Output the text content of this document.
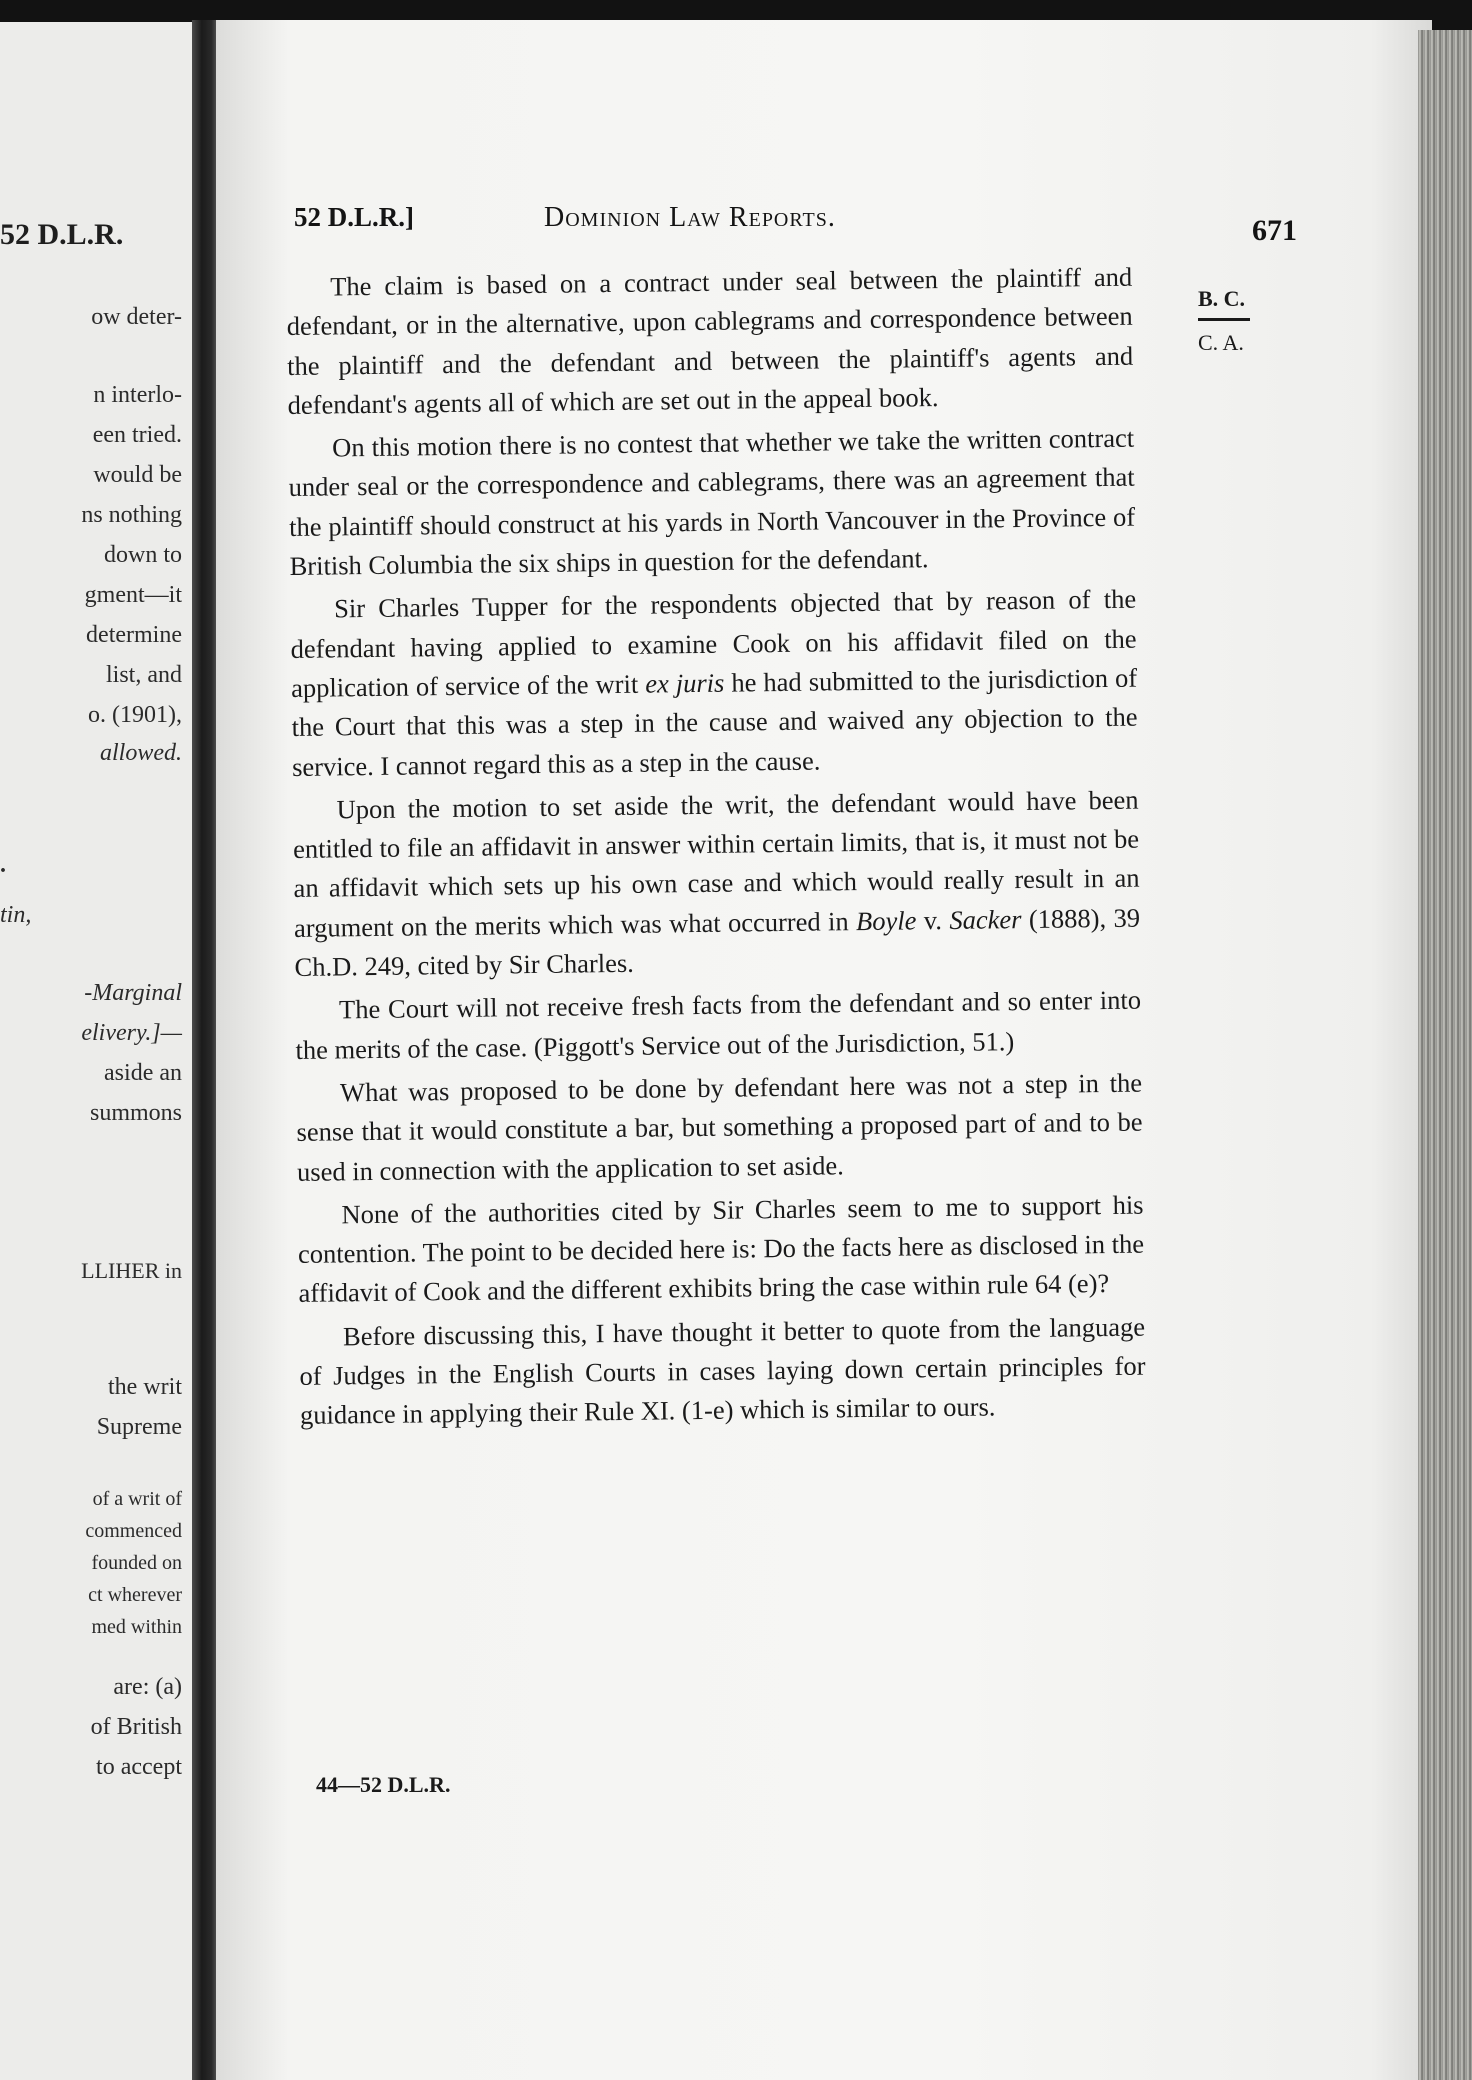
52 D.L.R.
ow deter-
n interlo-
een tried.
would be
ns nothing
down to
gment—it
determine
list, and
o. (1901),
allowed.
.
tin,
-Marginal
elivery.]—
aside an
summons
LLIHER in
the writ
Supreme
of a writ of
commenced
founded on
ct wherever
med within
are: (a)
of British
to accept
52 D.L.R.]	Dominion Law Reports.	671
B. C.
C. A.

The claim is based on a contract under seal between the plaintiff and defendant, or in the alternative, upon cablegrams and correspondence between the plaintiff and the defendant and between the plaintiff's agents and defendant's agents all of which are set out in the appeal book.

On this motion there is no contest that whether we take the written contract under seal or the correspondence and cablegrams, there was an agreement that the plaintiff should construct at his yards in North Vancouver in the Province of British Columbia the six ships in question for the defendant.

Sir Charles Tupper for the respondents objected that by reason of the defendant having applied to examine Cook on his affidavit filed on the application of service of the writ ex juris he had submitted to the jurisdiction of the Court that this was a step in the cause and waived any objection to the service. I cannot regard this as a step in the cause.

Upon the motion to set aside the writ, the defendant would have been entitled to file an affidavit in answer within certain limits, that is, it must not be an affidavit which sets up his own case and which would really result in an argument on the merits which was what occurred in Boyle v. Sacker (1888), 39 Ch.D. 249, cited by Sir Charles.

The Court will not receive fresh facts from the defendant and so enter into the merits of the case. (Piggott's Service out of the Jurisdiction, 51.)

What was proposed to be done by defendant here was not a step in the sense that it would constitute a bar, but something a proposed part of and to be used in connection with the application to set aside.

None of the authorities cited by Sir Charles seem to me to support his contention. The point to be decided here is: Do the facts here as disclosed in the affidavit of Cook and the different exhibits bring the case within rule 64 (e)?

Before discussing this, I have thought it better to quote from the language of Judges in the English Courts in cases laying down certain principles for guidance in applying their Rule XI. (1-e) which is similar to ours.

44—52 D.L.R.
